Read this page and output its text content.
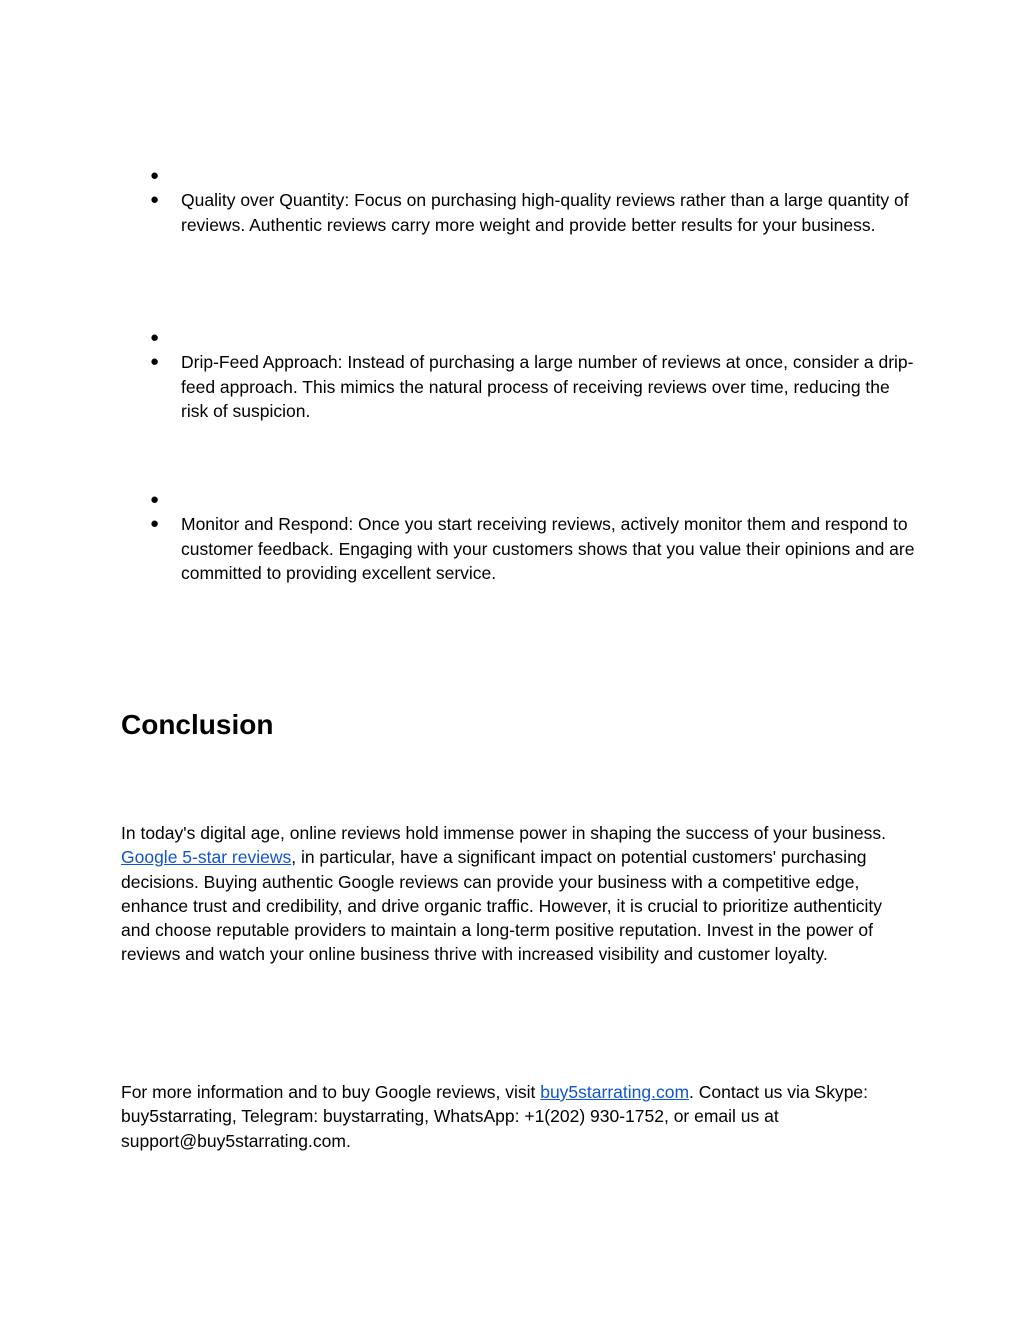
●
●	Quality over Quantity: Focus on purchasing high-quality reviews rather than a large quantity of reviews. Authentic reviews carry more weight and provide better results for your business.
●
●	Drip-Feed Approach: Instead of purchasing a large number of reviews at once, consider a drip-feed approach. This mimics the natural process of receiving reviews over time, reducing the risk of suspicion.
●
●	Monitor and Respond: Once you start receiving reviews, actively monitor them and respond to customer feedback. Engaging with your customers shows that you value their opinions and are committed to providing excellent service.
Conclusion

In today's digital age, online reviews hold immense power in shaping the success of your business. Google 5-star reviews, in particular, have a significant impact on potential customers' purchasing decisions. Buying authentic Google reviews can provide your business with a competitive edge, enhance trust and credibility, and drive organic traffic. However, it is crucial to prioritize authenticity and choose reputable providers to maintain a long-term positive reputation. Invest in the power of reviews and watch your online business thrive with increased visibility and customer loyalty.

For more information and to buy Google reviews, visit buy5starrating.com. Contact us via Skype: buy5starrating, Telegram: buystarrating, WhatsApp: +1(202) 930-1752, or email us at support@buy5starrating.com.
